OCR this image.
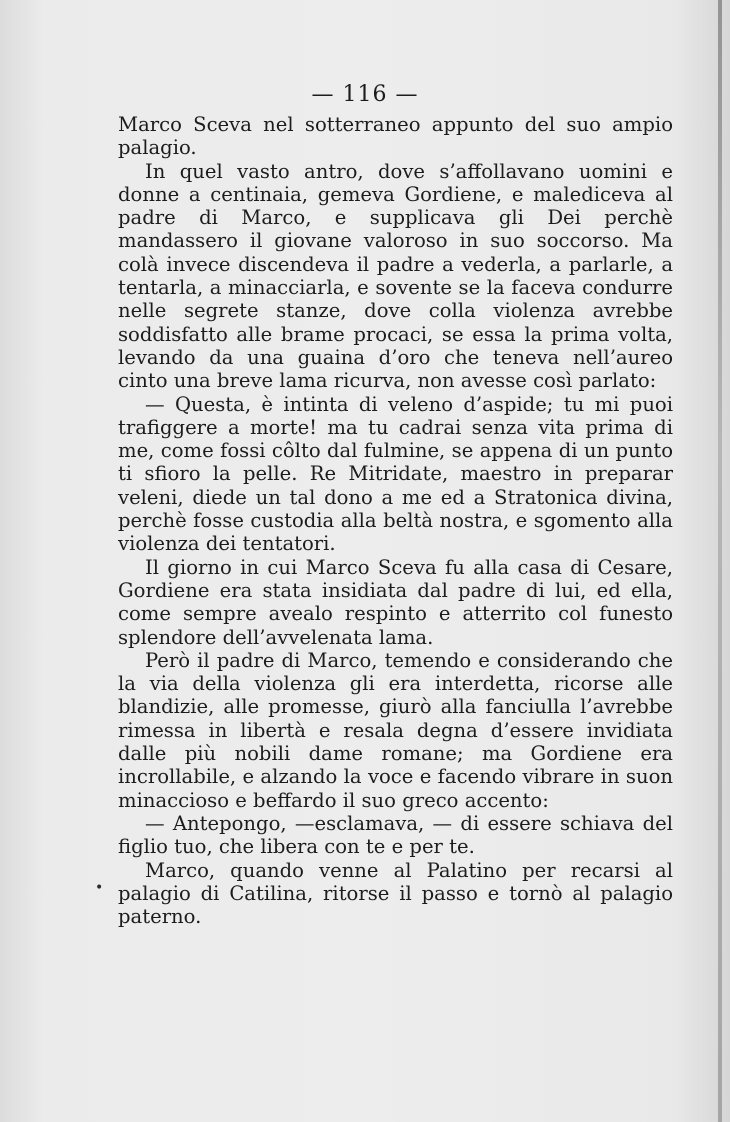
— 116 —

Marco Sceva nel sotterraneo appunto del suo ampio palagio.

In quel vasto antro, dove s’affollavano uomini e donne a centinaia, gemeva Gordiene, e malediceva al padre di Marco, e supplicava gli Dei perchè mandassero il giovane valoroso in suo soccorso. Ma colà invece discendeva il padre a vederla, a parlarle, a tentarla, a minacciarla, e sovente se la faceva condurre nelle segrete stanze, dove colla violenza avrebbe soddisfatto alle brame procaci, se essa la prima volta, levando da una guaina d’oro che teneva nell’aureo cinto una breve lama ricurva, non avesse così parlato:

— Questa, è intinta di veleno d’aspide; tu mi puoi trafiggere a morte! ma tu cadrai senza vita prima di me, come fossi côlto dal fulmine, se appena di un punto ti sfioro la pelle. Re Mitridate, maestro in preparar veleni, diede un tal dono a me ed a Stratonica divina, perchè fosse custodia alla beltà nostra, e sgomento alla violenza dei tentatori.

Il giorno in cui Marco Sceva fu alla casa di Cesare, Gordiene era stata insidiata dal padre di lui, ed ella, come sempre avealo respinto e atterrito col funesto splendore dell’avvelenata lama.

Però il padre di Marco, temendo e considerando che la via della violenza gli era interdetta, ricorse alle blandizie, alle promesse, giurò alla fanciulla l’avrebbe rimessa in libertà e resala degna d’essere invidiata dalle più nobili dame romane; ma Gordiene era incrollabile, e alzando la voce e facendo vibrare in suon minaccioso e beffardo il suo greco accento:

— Antepongo, —esclamava, — di essere schiava del figlio tuo, che libera con te e per te.

Marco, quando venne al Palatino per recarsi al palagio di Catilina, ritorse il passo e tornò al palagio paterno.

•
